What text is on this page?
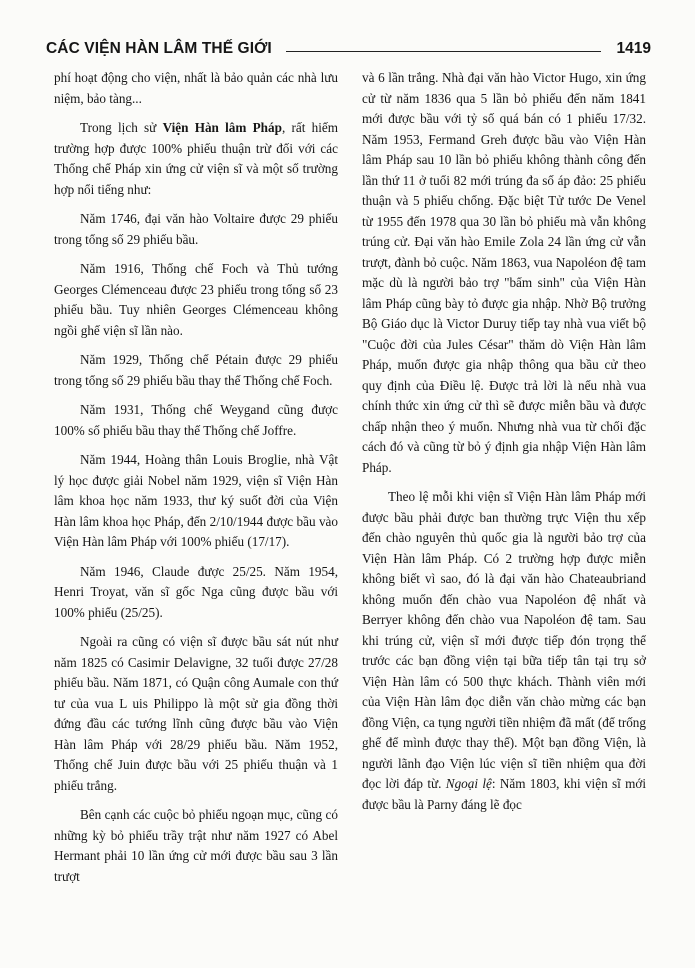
CÁC VIỆN HÀN LÂM THẾ GIỚI	1419

phí hoạt động cho viện, nhất là bảo quản các nhà lưu niệm, bảo tàng...

Trong lịch sử Viện Hàn lâm Pháp, rất hiếm trường hợp được 100% phiếu thuận trừ đối với các Thống chế Pháp xin ứng cử viện sĩ và một số trường hợp nổi tiếng như:

Năm 1746, đại văn hào Voltaire được 29 phiếu trong tổng số 29 phiếu bầu.

Năm 1916, Thống chế Foch và Thủ tướng Georges Clémenceau được 23 phiếu trong tổng số 23 phiếu bầu. Tuy nhiên Georges Clémenceau không ngồi ghế viện sĩ lần nào.

Năm 1929, Thống chế Pétain được 29 phiếu trong tổng số 29 phiếu bầu thay thế Thống chế Foch.

Năm 1931, Thống chế Weygand cũng được 100% số phiếu bầu thay thế Thống chế Joffre.

Năm 1944, Hoàng thân Louis Broglie, nhà Vật lý học được giải Nobel năm 1929, viện sĩ Viện Hàn lâm khoa học năm 1933, thư ký suốt đời của Viện Hàn lâm khoa học Pháp, đến 2/10/1944 được bầu vào Viện Hàn lâm Pháp với 100% phiếu (17/17).

Năm 1946, Claude được 25/25. Năm 1954, Henri Troyat, văn sĩ gốc Nga cũng được bầu với 100% phiếu (25/25).

Ngoài ra cũng có viện sĩ được bầu sát nút như năm 1825 có Casimir Delavigne, 32 tuổi được 27/28 phiếu bầu. Năm 1871, có Quận công Aumale con thứ tư của vua L uis Philippo là một sử gia đồng thời đứng đầu các tướng lĩnh cũng được bầu vào Viện Hàn lâm Pháp với 28/29 phiếu bầu. Năm 1952, Thống chế Juin được bầu với 25 phiếu thuận và 1 phiếu trắng.

Bên cạnh các cuộc bỏ phiếu ngoạn mục, cũng có những kỳ bỏ phiếu trầy trật như năm 1927 có Abel Hermant phải 10 lần ứng cử mới được bầu sau 3 lần trượt

và 6 lần trắng. Nhà đại văn hào Victor Hugo, xin ứng cử từ năm 1836 qua 5 lần bỏ phiếu đến năm 1841 mới được bầu với tỷ số quá bán có 1 phiếu 17/32. Năm 1953, Fermand Greh được bầu vào Viện Hàn lâm Pháp sau 10 lần bỏ phiếu không thành công đến lần thứ 11 ở tuổi 82 mới trúng đa số áp đảo: 25 phiếu thuận và 5 phiếu chống. Đặc biệt Tử tước De Venel từ 1955 đến 1978 qua 30 lần bỏ phiếu mà vẫn không trúng cử. Đại văn hào Emile Zola 24 lần ứng cử vẫn trượt, đành bỏ cuộc. Năm 1863, vua Napoléon đệ tam mặc dù là người bảo trợ "bẩm sinh" của Viện Hàn lâm Pháp cũng bày tỏ được gia nhập. Nhờ Bộ trưởng Bộ Giáo dục là Victor Duruy tiếp tay nhà vua viết bộ "Cuộc đời của Jules César" thăm dò Viện Hàn lâm Pháp, muốn được gia nhập thông qua bầu cử theo quy định của Điều lệ. Được trả lời là nếu nhà vua chính thức xin ứng cử thì sẽ được miễn bầu và được chấp nhận theo ý muốn. Nhưng nhà vua từ chối đặc cách đó và cũng từ bỏ ý định gia nhập Viện Hàn lâm Pháp.

Theo lệ mỗi khi viện sĩ Viện Hàn lâm Pháp mới được bầu phải được ban thường trực Viện thu xếp đến chào nguyên thủ quốc gia là người bảo trợ của Viện Hàn lâm Pháp. Có 2 trường hợp được miễn không biết vì sao, đó là đại văn hào Chateaubriand không muốn đến chào vua Napoléon đệ nhất và Berryer không đến chào vua Napoléon đệ tam. Sau khi trúng cử, viện sĩ mới được tiếp đón trọng thể trước các bạn đồng viện tại bữa tiếp tân tại trụ sở Viện Hàn lâm có 500 thực khách. Thành viên mới của Viện Hàn lâm đọc diễn văn chào mừng các bạn đồng Viện, ca tụng người tiền nhiệm đã mất (để trống ghế để mình được thay thế). Một bạn đồng Viện, là người lãnh đạo Viện lúc viện sĩ tiền nhiệm qua đời đọc lời đáp từ. Ngoại lệ: Năm 1803, khi viện sĩ mới được bầu là Parny đáng lẽ đọc
